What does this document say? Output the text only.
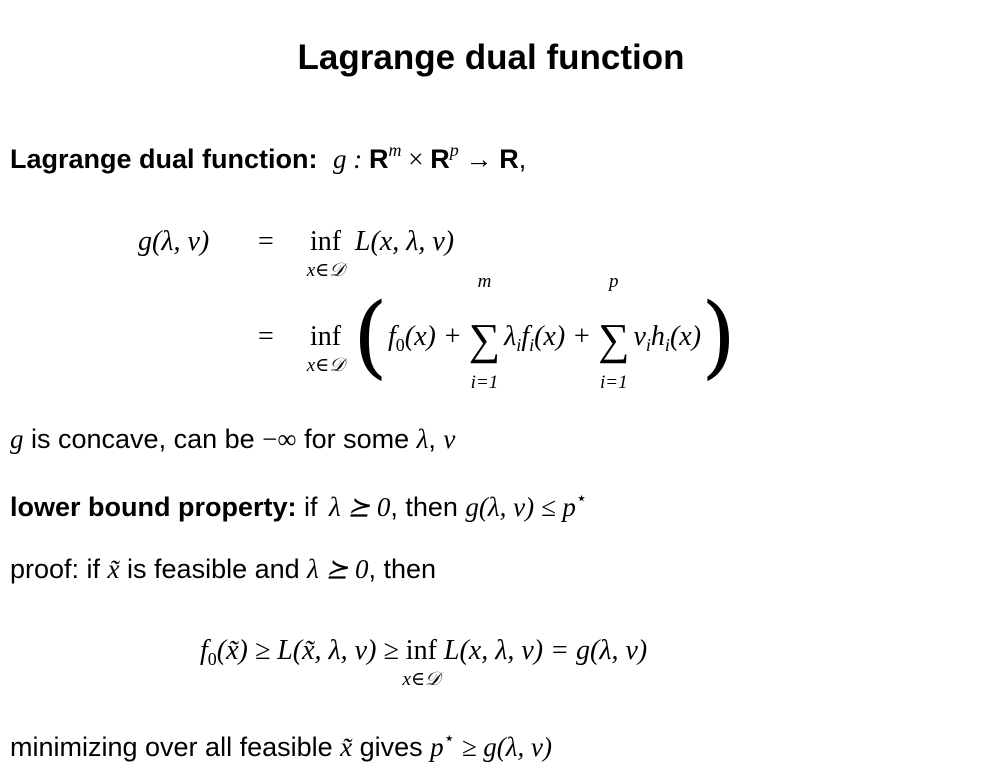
Lagrange dual function
Lagrange dual function: g : $R^m \times R^p \to R$,
g(λ, ν) = inf
x∈𝒟
L(x, λ, ν)
= inf
x∈𝒟 ($f_0(x)$ + ∑
m
i=1
$\lambda_if_i(x)$ + ∑
p
i=1
$\nu_ih_i(x)$)
g is concave, can be −∞ for some λ, ν
lower bound property: if λ ⪰ 0, then g(λ, ν) ≤ p⋆
proof: if x̃ is feasible and λ ⪰ 0, then
$f_0(x̃)$ ≥ L(x̃, λ, ν) ≥ inf
x∈𝒟
L(x, λ, ν) = g(λ, ν)
minimizing over all feasible x̃ gives p⋆ ≥ g(λ, ν)
